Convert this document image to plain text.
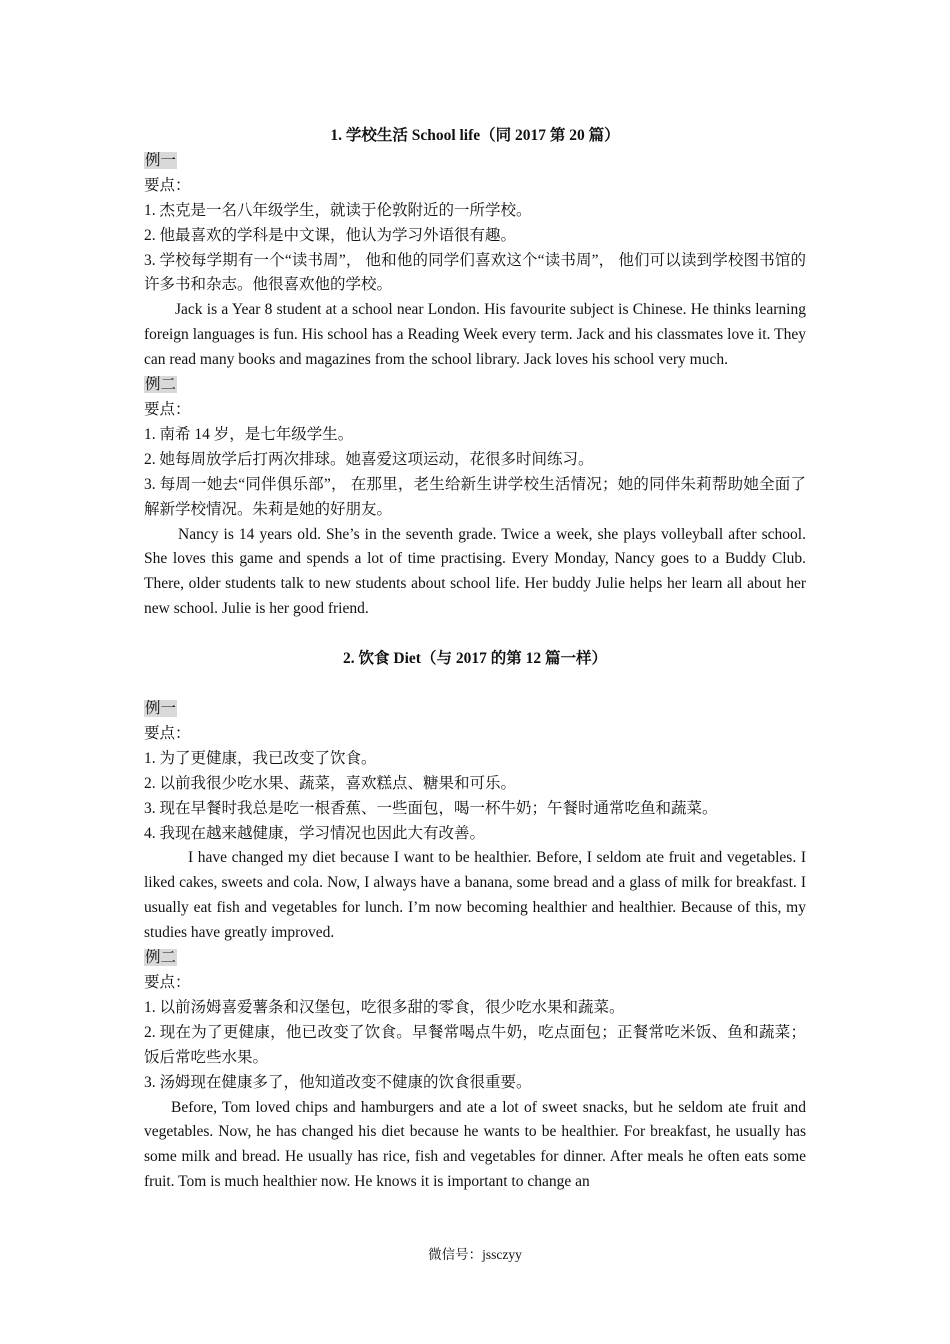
1. 学校生活 School life（同 2017 第 20 篇）
例一
要点：
1. 杰克是一名八年级学生，就读于伦敦附近的一所学校。
2. 他最喜欢的学科是中文课，他认为学习外语很有趣。
3. 学校每学期有一个“读书周”， 他和他的同学们喜欢这个“读书周”， 他们可以读到学校图书馆的许多书和杂志。他很喜欢他的学校。
Jack is a Year 8 student at a school near London. His favourite subject is Chinese. He thinks learning foreign languages is fun. His school has a Reading Week every term. Jack and his classmates love it. They can read many books and magazines from the school library. Jack loves his school very much.
例二
要点：
1. 南希 14 岁，是七年级学生。
2. 她每周放学后打两次排球。她喜爱这项运动，花很多时间练习。
3. 每周一她去“同伴俱乐部”， 在那里，老生给新生讲学校生活情况；她的同伴朱莉帮助她全面了解新学校情况。朱莉是她的好朋友。
Nancy is 14 years old. She’s in the seventh grade. Twice a week, she plays volleyball after school. She loves this game and spends a lot of time practising. Every Monday, Nancy goes to a Buddy Club. There, older students talk to new students about school life. Her buddy Julie helps her learn all about her new school. Julie is her good friend.
2. 饮食 Diet（与 2017 的第 12 篇一样）
例一
要点：
1. 为了更健康，我已改变了饮食。
2. 以前我很少吃水果、蔬菜，喜欢糕点、糖果和可乐。
3. 现在早餐时我总是吃一根香蕉、一些面包，喝一杯牛奶；午餐时通常吃鱼和蔬菜。
4. 我现在越来越健康，学习情况也因此大有改善。
I have changed my diet because I want to be healthier. Before, I seldom ate fruit and vegetables. I liked cakes, sweets and cola. Now, I always have a banana, some bread and a glass of milk for breakfast. I usually eat fish and vegetables for lunch. I’m now becoming healthier and healthier. Because of this, my studies have greatly improved.
例二
要点：
1. 以前汤姆喜爱薯条和汉堡包，吃很多甜的零食，很少吃水果和蔬菜。
2. 现在为了更健康，他已改变了饮食。早餐常喝点牛奶，吃点面包；正餐常吃米饭、鱼和蔬菜；饭后常吃些水果。
3. 汤姆现在健康多了，他知道改变不健康的饮食很重要。
Before, Tom loved chips and hamburgers and ate a lot of sweet snacks, but he seldom ate fruit and vegetables. Now, he has changed his diet because he wants to be healthier. For breakfast, he usually has some milk and bread. He usually has rice, fish and vegetables for dinner. After meals he often eats some fruit. Tom is much healthier now. He knows it is important to change an
微信号：jssczyy
